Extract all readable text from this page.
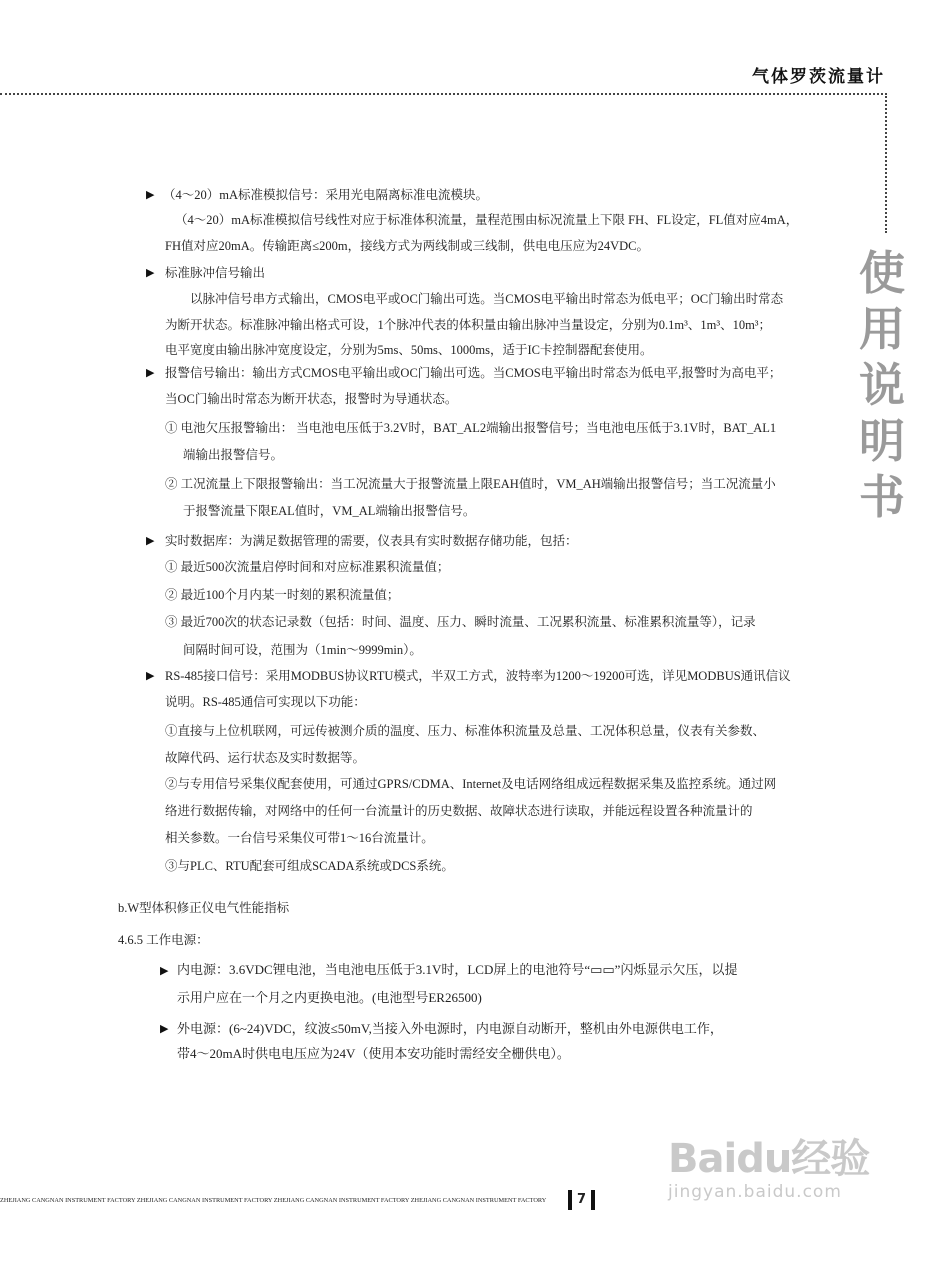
气体罗茨流量计
使
用
说
明
书
▶ （4～20）mA标准模拟信号：采用光电隔离标准电流模块。
（4～20）mA标准模拟信号线性对应于标准体积流量，量程范围由标况流量上下限 FH、FL设定，FL值对应4mA，
FH值对应20mA。传输距离≤200m，接线方式为两线制或三线制，供电电压应为24VDC。
▶ 标准脉冲信号输出
以脉冲信号串方式输出，CMOS电平或OC门输出可选。当CMOS电平输出时常态为低电平；OC门输出时常态
为断开状态。标准脉冲输出格式可设，1个脉冲代表的体积量由输出脉冲当量设定，分别为0.1m³、1m³、10m³；
电平宽度由输出脉冲宽度设定，分别为5ms、50ms、1000ms，适于IC卡控制器配套使用。
▶ 报警信号输出：输出方式CMOS电平输出或OC门输出可选。当CMOS电平输出时常态为低电平,报警时为高电平；
当OC门输出时常态为断开状态，报警时为导通状态。
① 电池欠压报警输出： 当电池电压低于3.2V时，BAT_AL2端输出报警信号；当电池电压低于3.1V时，BAT_AL1
端输出报警信号。
② 工况流量上下限报警输出：当工况流量大于报警流量上限EAH值时，VM_AH端输出报警信号；当工况流量小
于报警流量下限EAL值时，VM_AL端输出报警信号。
▶ 实时数据库：为满足数据管理的需要，仪表具有实时数据存储功能，包括：
① 最近500次流量启停时间和对应标准累积流量值；
② 最近100个月内某一时刻的累积流量值；
③ 最近700次的状态记录数（包括：时间、温度、压力、瞬时流量、工况累积流量、标准累积流量等），记录
间隔时间可设，范围为（1min～9999min）。
▶ RS-485接口信号：采用MODBUS协议RTU模式，半双工方式，波特率为1200～19200可选，详见MODBUS通讯信议
说明。RS-485通信可实现以下功能：
①直接与上位机联网，可远传被测介质的温度、压力、标准体积流量及总量、工况体积总量，仪表有关参数、
故障代码、运行状态及实时数据等。
②与专用信号采集仪配套使用，可通过GPRS/CDMA、Internet及电话网络组成远程数据采集及监控系统。通过网
络进行数据传输，对网络中的任何一台流量计的历史数据、故障状态进行读取，并能远程设置各种流量计的
相关参数。一台信号采集仪可带1～16台流量计。
③与PLC、RTU配套可组成SCADA系统或DCS系统。
b.W型体积修正仪电气性能指标
4.6.5 工作电源：
▶ 内电源：3.6VDC锂电池，当电池电压低于3.1V时，LCD屏上的电池符号“▭▭”闪烁显示欠压，以提
示用户应在一个月之内更换电池。(电池型号ER26500)
▶ 外电源：(6~24)VDC，纹波≤50mV,当接入外电源时，内电源自动断开，整机由外电源供电工作，
带4～20mA时供电电压应为24V（使用本安功能时需经安全栅供电）。
ZHEJIANG CANGNAN INSTRUMENT FACTORY ZHEJIANG CANGNAN INSTRUMENT FACTORY ZHEJIANG CANGNAN INSTRUMENT FACTORY ZHEJIANG CANGNAN INSTRUMENT FACTORY	7
Baidu经验
jingyan.baidu.com
